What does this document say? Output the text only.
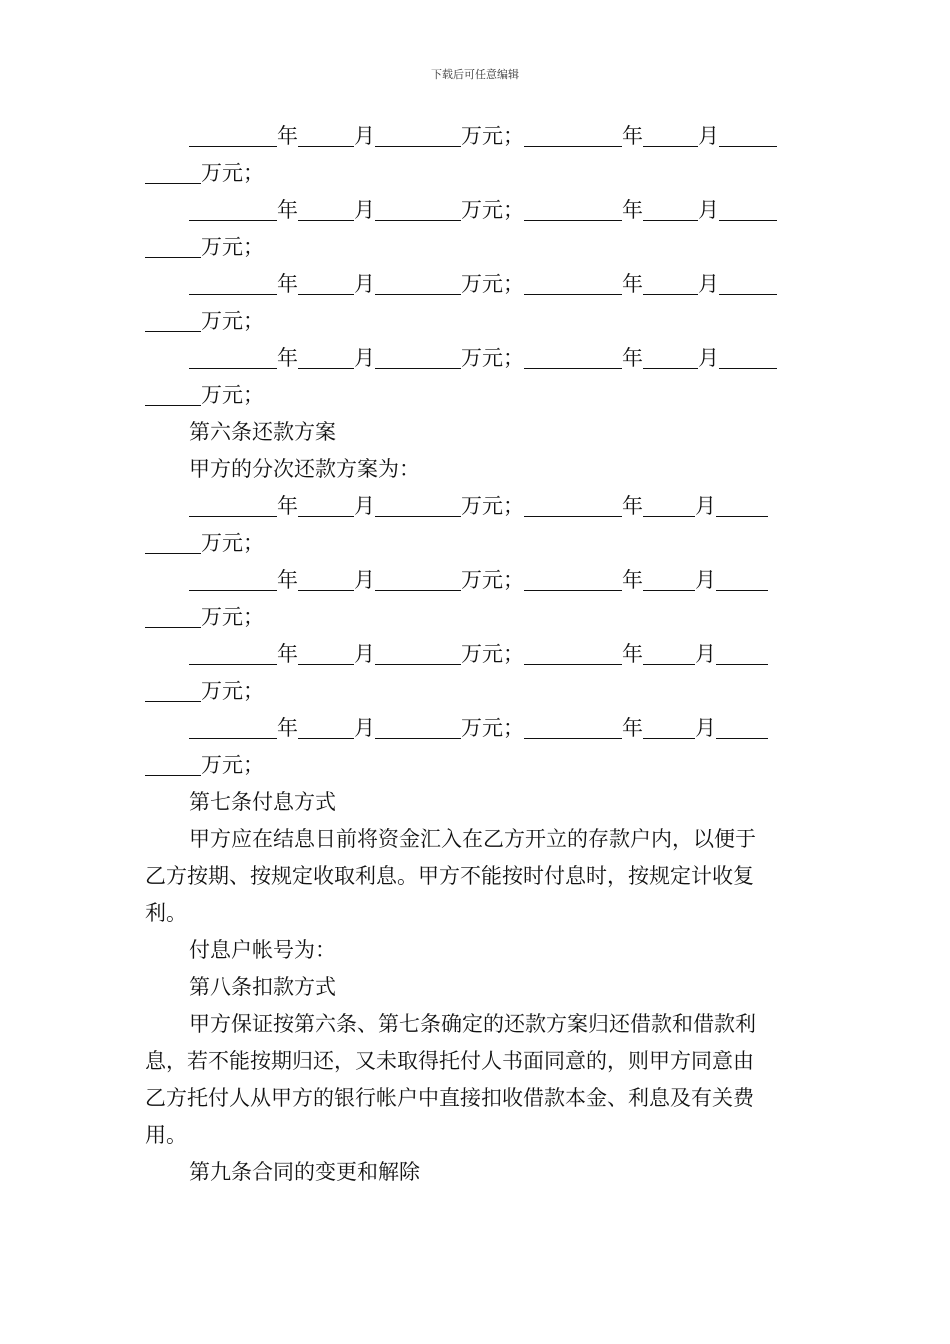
下载后可任意编辑
年	月	万元；	年	月
万元；
年	月	万元；	年	月
万元；
年	月	万元；	年	月
万元；
年	月	万元；	年	月
万元；
第六条还款方案
甲方的分次还款方案为：
年	月	万元；	年 月
万元；
年	月	万元；	年 月
万元；
年	月	万元；	年 月
万元；
年	月	万元；	年 月
万元；
第七条付息方式
甲方应在结息日前将资金汇入在乙方开立的存款户内，以便于
乙方按期、按规定收取利息。甲方不能按时付息时，按规定计收复
利。
付息户帐号为：
第八条扣款方式
甲方保证按第六条、第七条确定的还款方案归还借款和借款利
息，若不能按期归还，又未取得托付人书面同意的，则甲方同意由
乙方托付人从甲方的银行帐户中直接扣收借款本金、利息及有关费
用。
第九条合同的变更和解除
